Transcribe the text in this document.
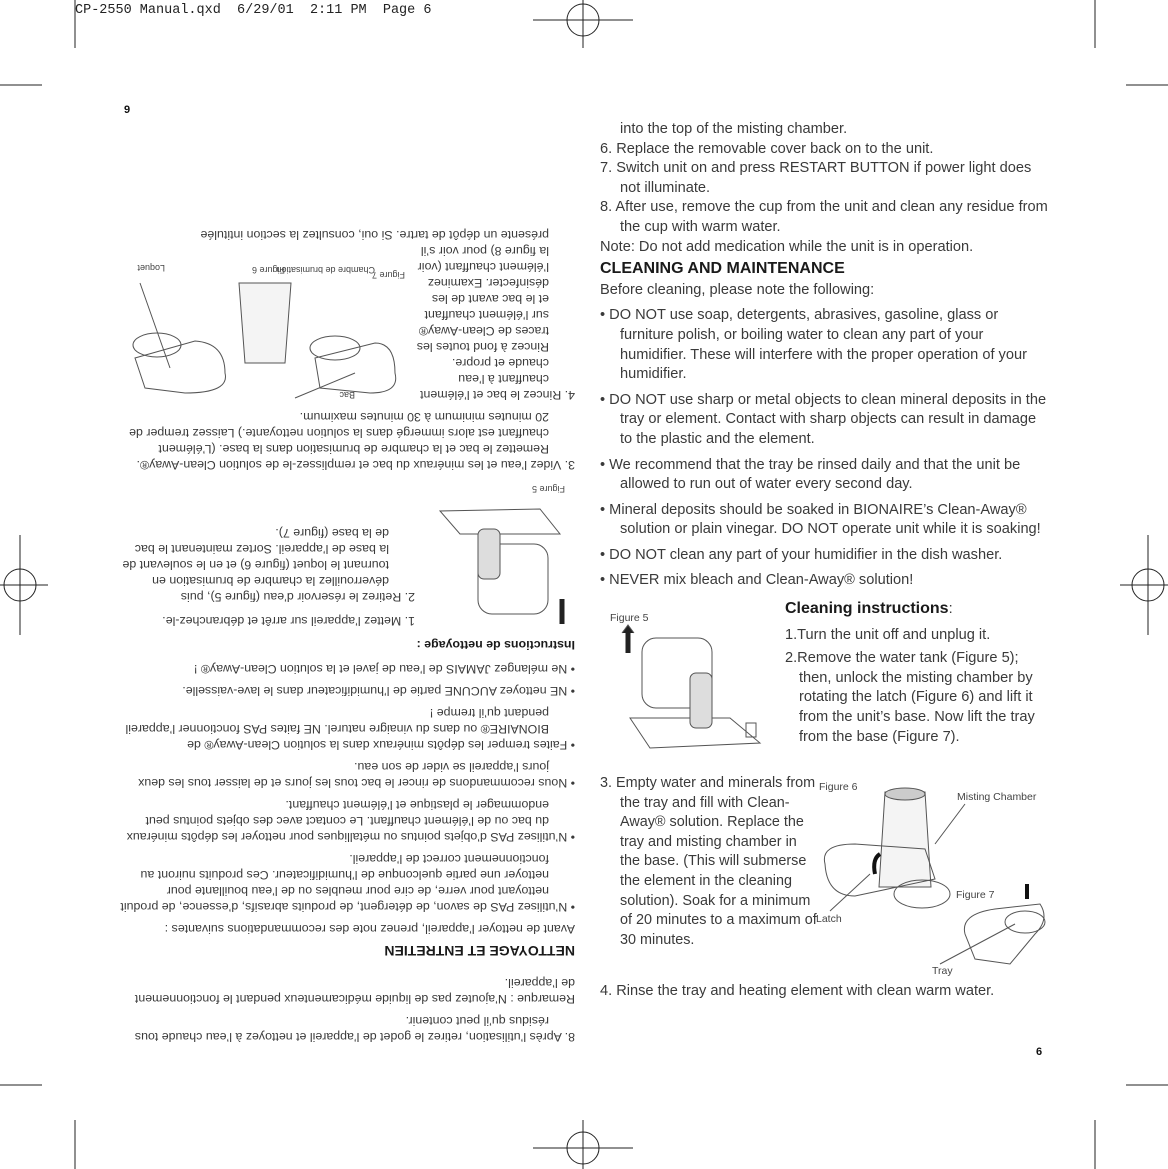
CP-2550 Manual.qxd  6/29/01  2:11 PM  Page 6
9
6

into the top of the misting chamber.

6. Replace the removable cover back on to the unit.

7. Switch unit on and press RESTART BUTTON if power light does not illuminate.

8. After use, remove the cup from the unit and clean any residue from the cup with warm water.

Note: Do not add medication while the unit is in operation.

CLEANING AND MAINTENANCE

Before cleaning, please note the following:

• DO NOT use soap, detergents, abrasives, gasoline, glass or furniture polish, or boiling water to clean any part of your humidifier. These will interfere with the proper operation of your humidifier.

• DO NOT use sharp or metal objects to clean mineral deposits in the tray or element. Contact with sharp objects can result in damage to the plastic and the element.

• We recommend that the tray be rinsed daily and that the unit be allowed to run out of water every second day.

• Mineral deposits should be soaked in BIONAIRE’s Clean-Away® solution or plain vinegar. DO NOT operate unit while it is soaking!

• DO NOT clean any part of your humidifier in the dish washer.

• NEVER mix bleach and Clean-Away® solution!

Figure 5

Cleaning instructions:

1.Turn the unit off and unplug it.

2.Remove the water tank (Figure 5); then, unlock the misting chamber by rotating the latch (Figure 6) and lift it from the unit’s base. Now lift the tray from the base (Figure 7).

3. Empty water and minerals from the tray and fill with Clean-Away® solution. Replace the tray and misting chamber in the base. (This will submerse the element in the cleaning solution). Soak for a minimum of 20 minutes to a maximum of 30 minutes.

Figure 6
Misting Chamber
Latch
Figure 7
Tray

4. Rinse the tray and heating element with clean warm water.

8. Après l’utilisation, retirez le godet de l’appareil et nettoyez à l’eau chaude tous résidus qu’il peut contenir.

Remarque : N’ajoutez pas de liquide médicamenteux pendant le fonctionnement de l’appareil.

NETTOYAGE ET ENTRETIEN

Avant de nettoyer l’appareil, prenez note des recommandations suivantes :

• N’utilisez PAS de savon, de détergent, de produits abrasifs, d’essence, de produit nettoyant pour verre, de cire pour meubles ou de l’eau bouillante pour nettoyer une partie quelconque de l’humidificateur. Ces produits nuiront au fonctionnement correct de l’appareil.

• N’utilisez PAS d’objets pointus ou métalliques pour nettoyer les dépôts minéraux du bac ou de l’élément chauffant. Le contact avec des objets pointus peut endommager le plastique et l’élément chauffant.

• Nous recommandons de rincer le bac tous les jours et de laisser tous les deux jours l’appareil se vider de son eau.

• Faites tremper les dépôts minéraux dans la solution Clean-Away® de BIONAIRE® ou dans du vinaigre naturel. NE faites PAS fonctionner l’appareil pendant qu’il trempe !

• NE nettoyez AUCUNE partie de l’humidificateur dans le lave-vaisselle.

• Ne mélangez JAMAIS de l’eau de javel et la solution Clean-Away® !

Instructions de nettoyage :

Figure 5

1. Mettez l’appareil sur arrêt et débranchez-le.

2. Retirez le réservoir d’eau (figure 5), puis déverrouillez la chambre de brumisation en tournant le loquet (figure 6) et en le soulevant de la base de l’appareil. Sortez maintenant le bac de la base (figure 7).

3. Videz l’eau et les minéraux du bac et remplissez-le de solution Clean-Away®. Remettez le bac et la chambre de brumisation dans la base. (L’élément chauffant est alors immergé dans la solution nettoyante.) Laissez tremper de 20 minutes minimum à 30 minutes maximum.

Figure 7
Figure 6
Bac
Chambre de brumisation
Loquet

4. Rincez le bac et l’élément chauffant à l’eau chaude et propre. Rincez à fond toutes les traces de Clean-Away® sur l’élément chauffant et le bac avant de les désinfecter. Examinez l’élément chauffant (voir la figure 8) pour voir s’il présente un dépôt de tartre. Si oui, consultez la section intitulée
